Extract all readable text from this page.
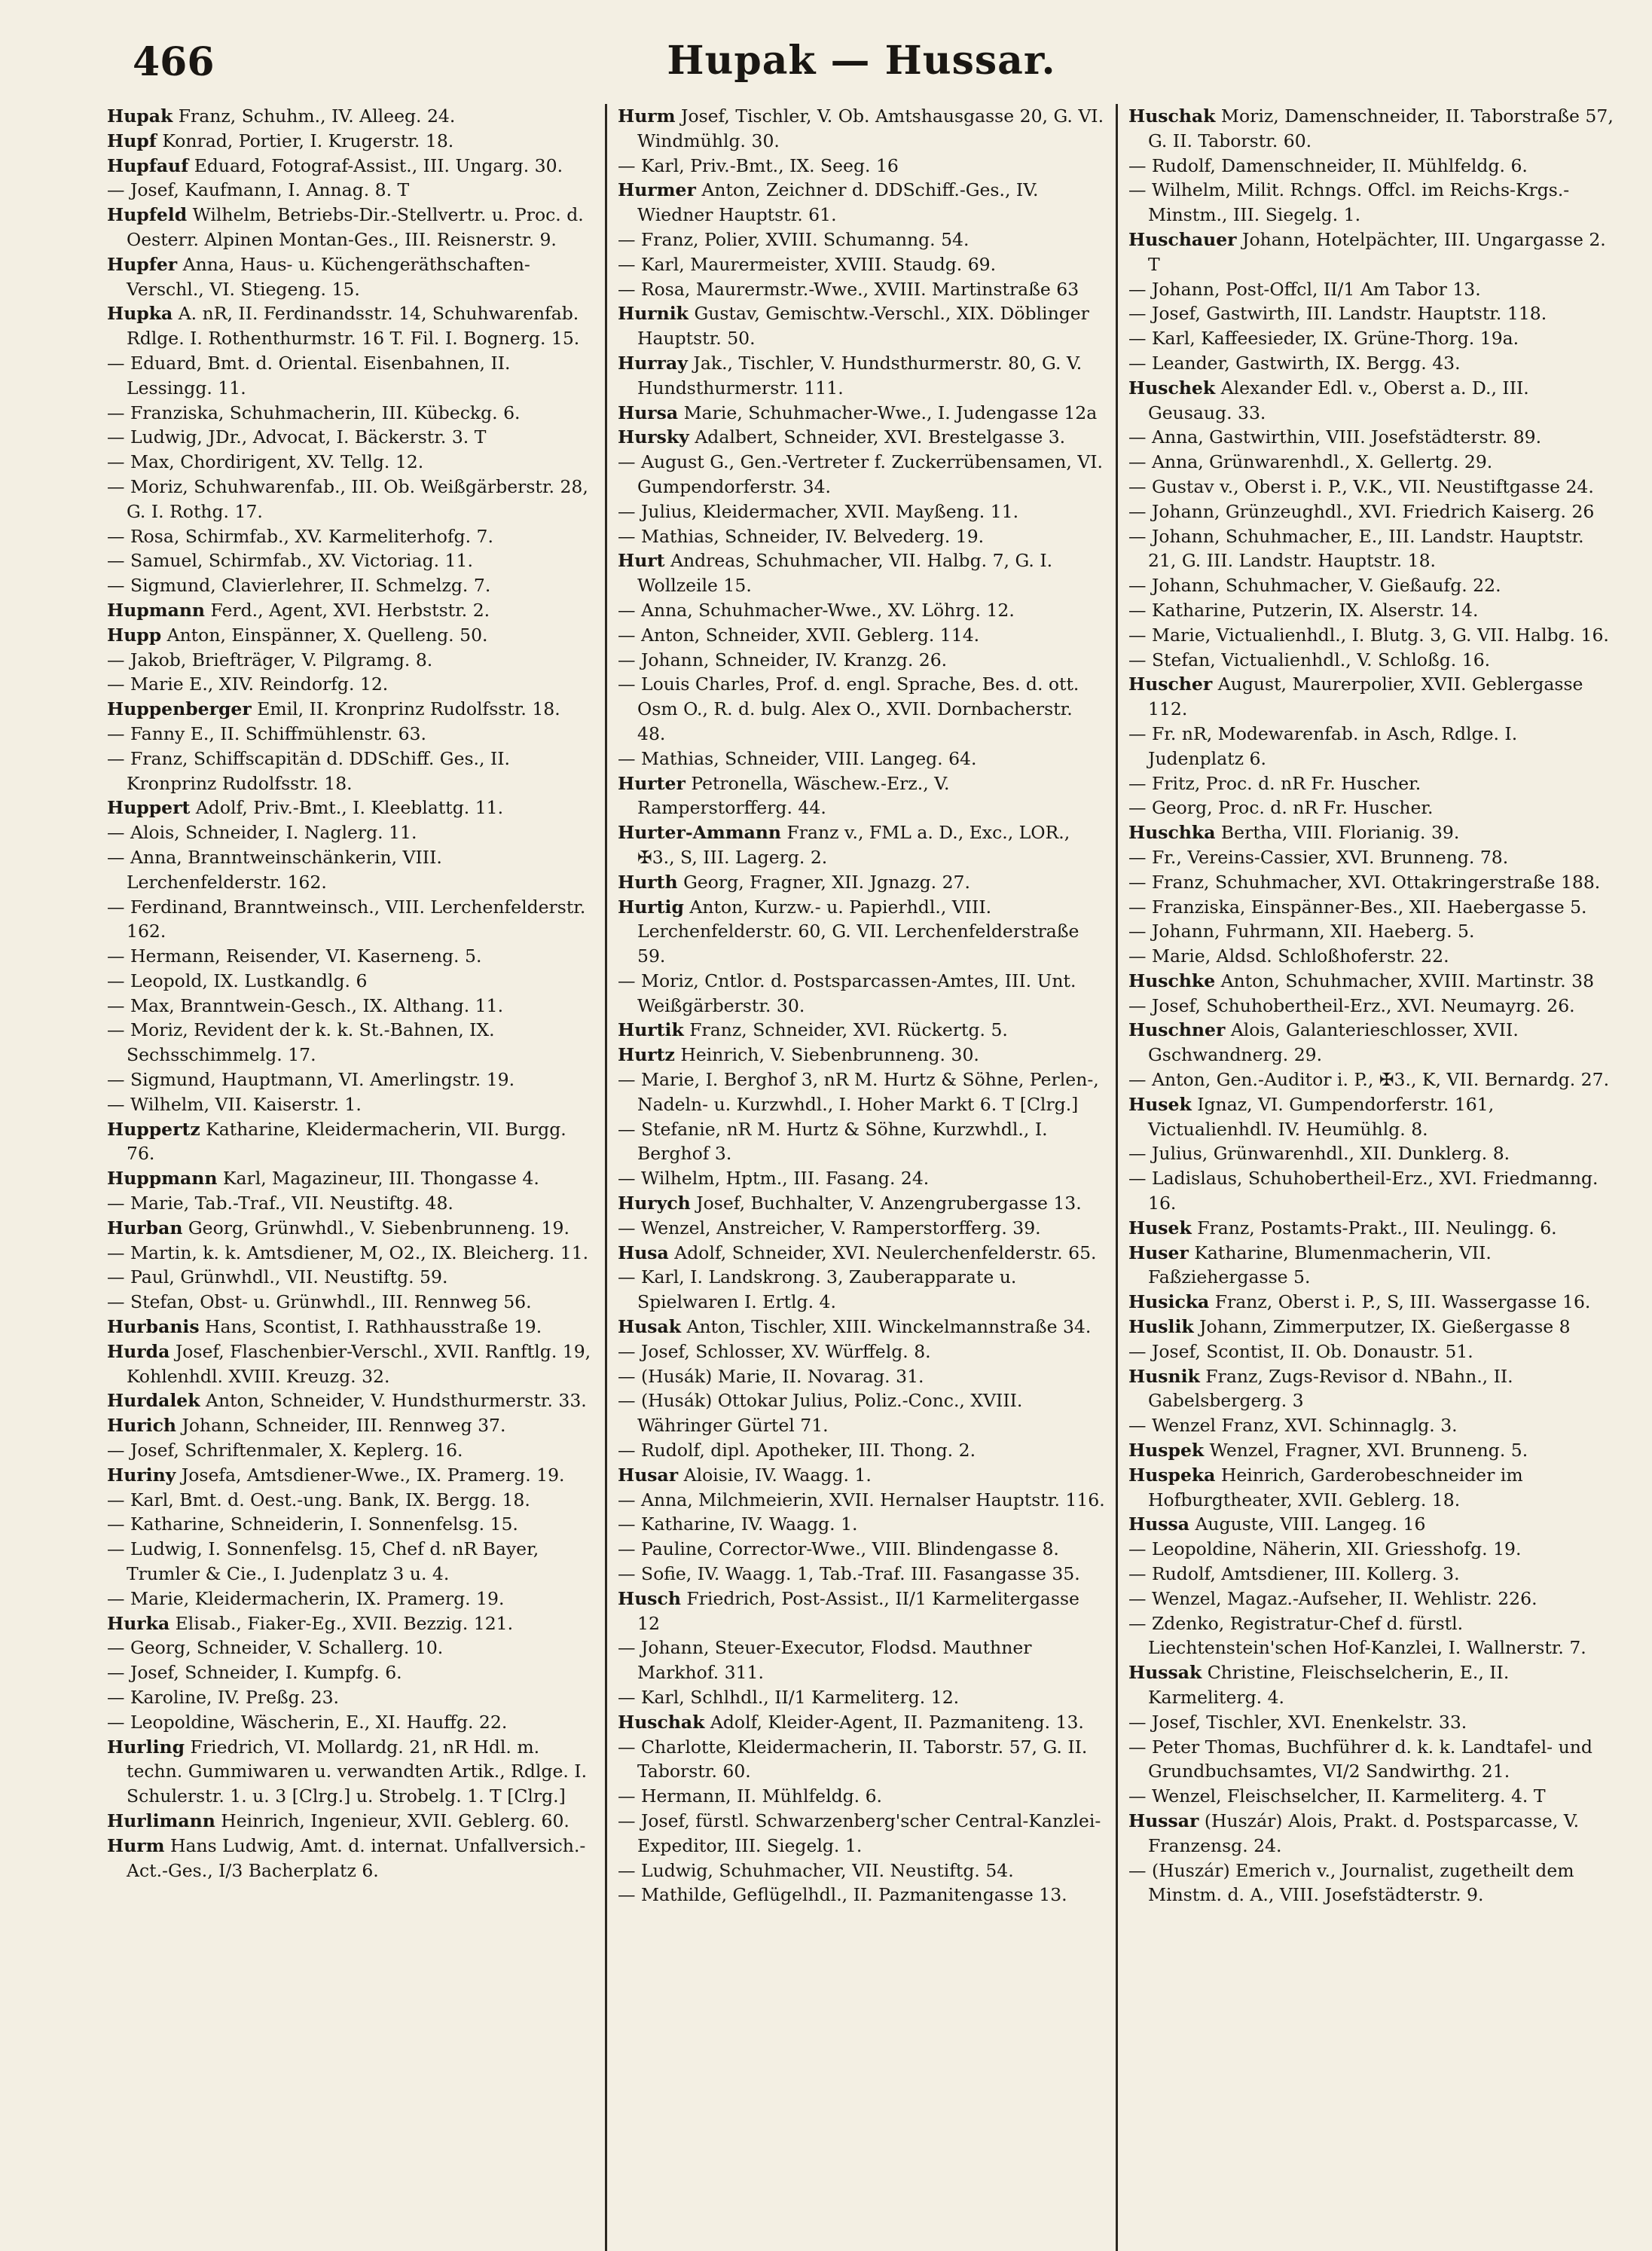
466	Hupak — Hussar.

Hupak Franz, Schuhm., IV. Alleeg. 24.

Hupf Konrad, Portier, I. Krugerstr. 18.

Hupfauf Eduard, Fotograf-Assist., III. Ungarg. 30.

— Josef, Kaufmann, I. Annag. 8. T

Hupfeld Wilhelm, Betriebs-Dir.-Stellvertr. u. Proc. d. Oesterr. Alpinen Montan-Ges., III. Reisnerstr. 9.

Hupfer Anna, Haus- u. Küchengeräthschaften-Verschl., VI. Stiegeng. 15.

Hupka A. nR, II. Ferdinandsstr. 14, Schuhwarenfab. Rdlge. I. Rothenthurmstr. 16 T. Fil. I. Bognerg. 15.

— Eduard, Bmt. d. Oriental. Eisenbahnen, II. Lessingg. 11.

— Franziska, Schuhmacherin, III. Kübeckg. 6.

— Ludwig, JDr., Advocat, I. Bäckerstr. 3. T

— Max, Chordirigent, XV. Tellg. 12.

— Moriz, Schuhwarenfab., III. Ob. Weißgärberstr. 28, G. I. Rothg. 17.

— Rosa, Schirmfab., XV. Karmeliterhofg. 7.

— Samuel, Schirmfab., XV. Victoriag. 11.

— Sigmund, Clavierlehrer, II. Schmelzg. 7.

Hupmann Ferd., Agent, XVI. Herbststr. 2.

Hupp Anton, Einspänner, X. Quelleng. 50.

— Jakob, Briefträger, V. Pilgramg. 8.

— Marie E., XIV. Reindorfg. 12.

Huppenberger Emil, II. Kronprinz Rudolfsstr. 18.

— Fanny E., II. Schiffmühlenstr. 63.

— Franz, Schiffscapitän d. DDSchiff. Ges., II. Kronprinz Rudolfsstr. 18.

Huppert Adolf, Priv.-Bmt., I. Kleeblattg. 11.

— Alois, Schneider, I. Naglerg. 11.

— Anna, Branntweinschänkerin, VIII. Lerchenfelderstr. 162.

— Ferdinand, Branntweinsch., VIII. Lerchenfelderstr. 162.

— Hermann, Reisender, VI. Kaserneng. 5.

— Leopold, IX. Lustkandlg. 6

— Max, Branntwein-Gesch., IX. Althang. 11.

— Moriz, Revident der k. k. St.-Bahnen, IX. Sechsschimmelg. 17.

— Sigmund, Hauptmann, VI. Amerlingstr. 19.

— Wilhelm, VII. Kaiserstr. 1.

Huppertz Katharine, Kleidermacherin, VII. Burgg. 76.

Huppmann Karl, Magazineur, III. Thongasse 4.

— Marie, Tab.-Traf., VII. Neustiftg. 48.

Hurban Georg, Grünwhdl., V. Siebenbrunneng. 19.

— Martin, k. k. Amtsdiener, M, O2., IX. Bleicherg. 11.

— Paul, Grünwhdl., VII. Neustiftg. 59.

— Stefan, Obst- u. Grünwhdl., III. Rennweg 56.

Hurbanis Hans, Scontist, I. Rathhausstraße 19.

Hurda Josef, Flaschenbier-Verschl., XVII. Ranftlg. 19, Kohlenhdl. XVIII. Kreuzg. 32.

Hurdalek Anton, Schneider, V. Hundsthurmerstr. 33.

Hurich Johann, Schneider, III. Rennweg 37.

— Josef, Schriftenmaler, X. Keplerg. 16.

Huriny Josefa, Amtsdiener-Wwe., IX. Pramerg. 19.

— Karl, Bmt. d. Oest.-ung. Bank, IX. Bergg. 18.

— Katharine, Schneiderin, I. Sonnenfelsg. 15.

— Ludwig, I. Sonnenfelsg. 15, Chef d. nR Bayer, Trumler & Cie., I. Judenplatz 3 u. 4.

— Marie, Kleidermacherin, IX. Pramerg. 19.

Hurka Elisab., Fiaker-Eg., XVII. Bezzig. 121.

— Georg, Schneider, V. Schallerg. 10.

— Josef, Schneider, I. Kumpfg. 6.

— Karoline, IV. Preßg. 23.

— Leopoldine, Wäscherin, E., XI. Hauffg. 22.

Hurling Friedrich, VI. Mollardg. 21, nR Hdl. m. techn. Gummiwaren u. verwandten Artik., Rdlge. I. Schulerstr. 1. u. 3 [Clrg.] u. Strobelg. 1. T [Clrg.]

Hurlimann Heinrich, Ingenieur, XVII. Geblerg. 60.

Hurm Hans Ludwig, Amt. d. internat. Unfallversich.-Act.-Ges., I/3 Bacherplatz 6.

Hurm Josef, Tischler, V. Ob. Amtshausgasse 20, G. VI. Windmühlg. 30.

— Karl, Priv.-Bmt., IX. Seeg. 16

Hurmer Anton, Zeichner d. DDSchiff.-Ges., IV. Wiedner Hauptstr. 61.

— Franz, Polier, XVIII. Schumanng. 54.

— Karl, Maurermeister, XVIII. Staudg. 69.

— Rosa, Maurermstr.-Wwe., XVIII. Martinstraße 63

Hurnik Gustav, Gemischtw.-Verschl., XIX. Döblinger Hauptstr. 50.

Hurray Jak., Tischler, V. Hundsthurmerstr. 80, G. V. Hundsthurmerstr. 111.

Hursa Marie, Schuhmacher-Wwe., I. Judengasse 12a

Hursky Adalbert, Schneider, XVI. Brestelgasse 3.

— August G., Gen.-Vertreter f. Zuckerrübensamen, VI. Gumpendorferstr. 34.

— Julius, Kleidermacher, XVII. Mayßeng. 11.

— Mathias, Schneider, IV. Belvederg. 19.

Hurt Andreas, Schuhmacher, VII. Halbg. 7, G. I. Wollzeile 15.

— Anna, Schuhmacher-Wwe., XV. Löhrg. 12.

— Anton, Schneider, XVII. Geblerg. 114.

— Johann, Schneider, IV. Kranzg. 26.

— Louis Charles, Prof. d. engl. Sprache, Bes. d. ott. Osm O., R. d. bulg. Alex O., XVII. Dornbacherstr. 48.

— Mathias, Schneider, VIII. Langeg. 64.

Hurter Petronella, Wäschew.-Erz., V. Ramperstorfferg. 44.

Hurter-Ammann Franz v., FML a. D., Exc., LOR., ✠3., S, III. Lagerg. 2.

Hurth Georg, Fragner, XII. Jgnazg. 27.

Hurtig Anton, Kurzw.- u. Papierhdl., VIII. Lerchenfelderstr. 60, G. VII. Lerchenfelderstraße 59.

— Moriz, Cntlor. d. Postsparcassen-Amtes, III. Unt. Weißgärberstr. 30.

Hurtik Franz, Schneider, XVI. Rückertg. 5.

Hurtz Heinrich, V. Siebenbrunneng. 30.

— Marie, I. Berghof 3, nR M. Hurtz & Söhne, Perlen-, Nadeln- u. Kurzwhdl., I. Hoher Markt 6. T [Clrg.]

— Stefanie, nR M. Hurtz & Söhne, Kurzwhdl., I. Berghof 3.

— Wilhelm, Hptm., III. Fasang. 24.

Hurych Josef, Buchhalter, V. Anzengrubergasse 13.

— Wenzel, Anstreicher, V. Ramperstorfferg. 39.

Husa Adolf, Schneider, XVI. Neulerchenfelderstr. 65.

— Karl, I. Landskrong. 3, Zauberapparate u. Spielwaren I. Ertlg. 4.

Husak Anton, Tischler, XIII. Winckelmannstraße 34.

— Josef, Schlosser, XV. Würffelg. 8.

— (Husák) Marie, II. Novarag. 31.

— (Husák) Ottokar Julius, Poliz.-Conc., XVIII. Währinger Gürtel 71.

— Rudolf, dipl. Apotheker, III. Thong. 2.

Husar Aloisie, IV. Waagg. 1.

— Anna, Milchmeierin, XVII. Hernalser Hauptstr. 116.

— Katharine, IV. Waagg. 1.

— Pauline, Corrector-Wwe., VIII. Blindengasse 8.

— Sofie, IV. Waagg. 1, Tab.-Traf. III. Fasangasse 35.

Husch Friedrich, Post-Assist., II/1 Karmelitergasse 12

— Johann, Steuer-Executor, Flodsd. Mauthner Markhof. 311.

— Karl, Schlhdl., II/1 Karmeliterg. 12.

Huschak Adolf, Kleider-Agent, II. Pazmaniteng. 13.

— Charlotte, Kleidermacherin, II. Taborstr. 57, G. II. Taborstr. 60.

— Hermann, II. Mühlfeldg. 6.

— Josef, fürstl. Schwarzenberg'scher Central-Kanzlei-Expeditor, III. Siegelg. 1.

— Ludwig, Schuhmacher, VII. Neustiftg. 54.

— Mathilde, Geflügelhdl., II. Pazmanitengasse 13.

Huschak Moriz, Damenschneider, II. Taborstraße 57, G. II. Taborstr. 60.

— Rudolf, Damenschneider, II. Mühlfeldg. 6.

— Wilhelm, Milit. Rchngs. Offcl. im Reichs-Krgs.-Minstm., III. Siegelg. 1.

Huschauer Johann, Hotelpächter, III. Ungargasse 2. T

— Johann, Post-Offcl, II/1 Am Tabor 13.

— Josef, Gastwirth, III. Landstr. Hauptstr. 118.

— Karl, Kaffeesieder, IX. Grüne-Thorg. 19a.

— Leander, Gastwirth, IX. Bergg. 43.

Huschek Alexander Edl. v., Oberst a. D., III. Geusaug. 33.

— Anna, Gastwirthin, VIII. Josefstädterstr. 89.

— Anna, Grünwarenhdl., X. Gellertg. 29.

— Gustav v., Oberst i. P., V.K., VII. Neustiftgasse 24.

— Johann, Grünzeughdl., XVI. Friedrich Kaiserg. 26

— Johann, Schuhmacher, E., III. Landstr. Hauptstr. 21, G. III. Landstr. Hauptstr. 18.

— Johann, Schuhmacher, V. Gießaufg. 22.

— Katharine, Putzerin, IX. Alserstr. 14.

— Marie, Victualienhdl., I. Blutg. 3, G. VII. Halbg. 16.

— Stefan, Victualienhdl., V. Schloßg. 16.

Huscher August, Maurerpolier, XVII. Geblergasse 112.

— Fr. nR, Modewarenfab. in Asch, Rdlge. I. Judenplatz 6.

— Fritz, Proc. d. nR Fr. Huscher.

— Georg, Proc. d. nR Fr. Huscher.

Huschka Bertha, VIII. Florianig. 39.

— Fr., Vereins-Cassier, XVI. Brunneng. 78.

— Franz, Schuhmacher, XVI. Ottakringerstraße 188.

— Franziska, Einspänner-Bes., XII. Haebergasse 5.

— Johann, Fuhrmann, XII. Haeberg. 5.

— Marie, Aldsd. Schloßhoferstr. 22.

Huschke Anton, Schuhmacher, XVIII. Martinstr. 38

— Josef, Schuhobertheil-Erz., XVI. Neumayrg. 26.

Huschner Alois, Galanterieschlosser, XVII. Gschwandnerg. 29.

— Anton, Gen.-Auditor i. P., ✠3., K, VII. Bernardg. 27.

Husek Ignaz, VI. Gumpendorferstr. 161, Victualienhdl. IV. Heumühlg. 8.

— Julius, Grünwarenhdl., XII. Dunklerg. 8.

— Ladislaus, Schuhobertheil-Erz., XVI. Friedmanng. 16.

Husek Franz, Postamts-Prakt., III. Neulingg. 6.

Huser Katharine, Blumenmacherin, VII. Faßziehergasse 5.

Husicka Franz, Oberst i. P., S, III. Wassergasse 16.

Huslik Johann, Zimmerputzer, IX. Gießergasse 8

— Josef, Scontist, II. Ob. Donaustr. 51.

Husnik Franz, Zugs-Revisor d. NBahn., II. Gabelsbergerg. 3

— Wenzel Franz, XVI. Schinnaglg. 3.

Huspek Wenzel, Fragner, XVI. Brunneng. 5.

Huspeka Heinrich, Garderobeschneider im Hofburgtheater, XVII. Geblerg. 18.

Hussa Auguste, VIII. Langeg. 16

— Leopoldine, Näherin, XII. Griesshofg. 19.

— Rudolf, Amtsdiener, III. Kollerg. 3.

— Wenzel, Magaz.-Aufseher, II. Wehlistr. 226.

— Zdenko, Registratur-Chef d. fürstl. Liechtenstein'schen Hof-Kanzlei, I. Wallnerstr. 7.

Hussak Christine, Fleischselcherin, E., II. Karmeliterg. 4.

— Josef, Tischler, XVI. Enenkelstr. 33.

— Peter Thomas, Buchführer d. k. k. Landtafel- und Grundbuchsamtes, VI/2 Sandwirthg. 21.

— Wenzel, Fleischselcher, II. Karmeliterg. 4. T

Hussar (Huszár) Alois, Prakt. d. Postsparcasse, V. Franzensg. 24.

— (Huszár) Emerich v., Journalist, zugetheilt dem Minstm. d. A., VIII. Josefstädterstr. 9.
